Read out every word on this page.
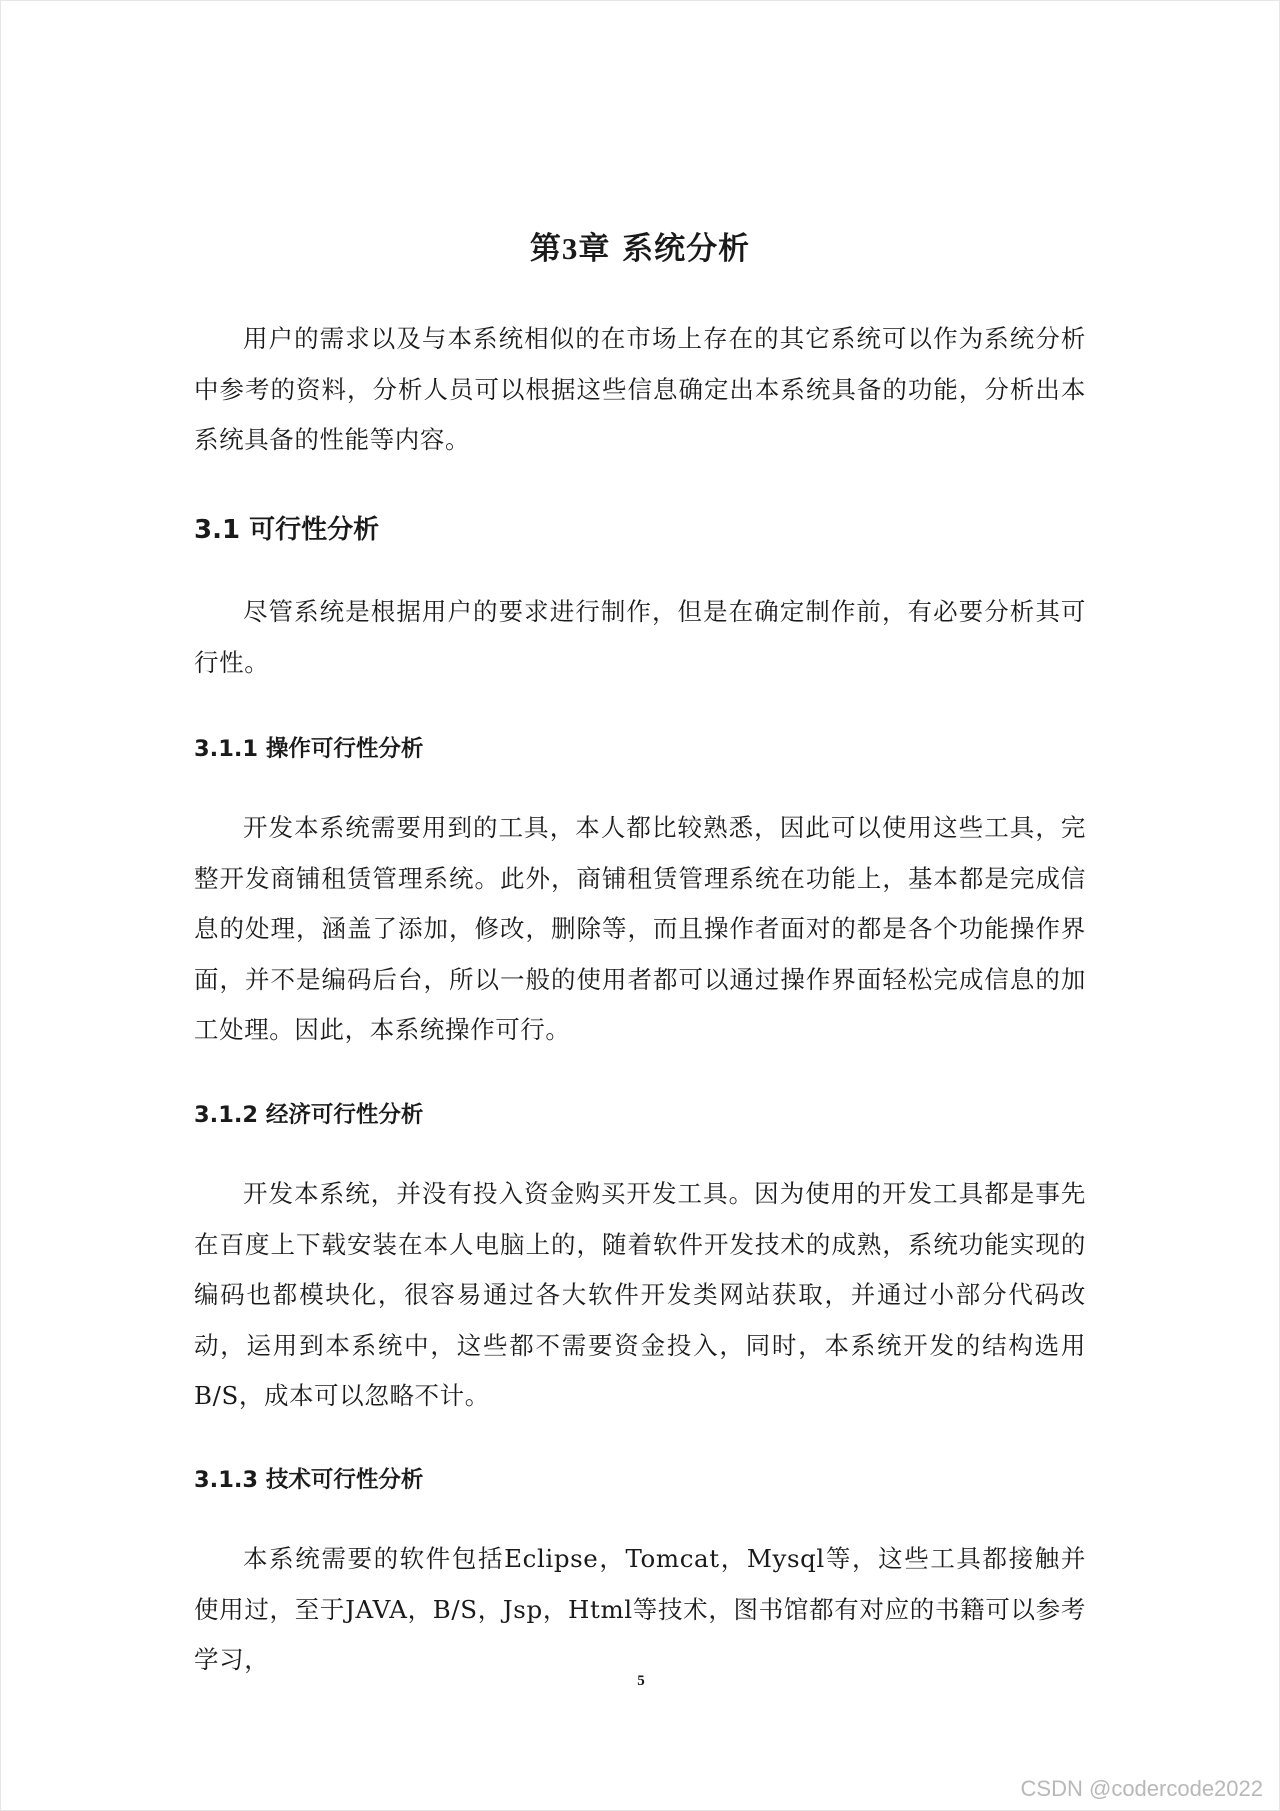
第3章 系统分析

用户的需求以及与本系统相似的在市场上存在的其它系统可以作为系统分析中参考的资料，分析人员可以根据这些信息确定出本系统具备的功能，分析出本系统具备的性能等内容。

3.1 可行性分析

尽管系统是根据用户的要求进行制作，但是在确定制作前，有必要分析其可行性。

3.1.1 操作可行性分析

开发本系统需要用到的工具，本人都比较熟悉，因此可以使用这些工具，完整开发商铺租赁管理系统。此外，商铺租赁管理系统在功能上，基本都是完成信息的处理，涵盖了添加，修改，删除等，而且操作者面对的都是各个功能操作界面，并不是编码后台，所以一般的使用者都可以通过操作界面轻松完成信息的加工处理。因此，本系统操作可行。

3.1.2 经济可行性分析

开发本系统，并没有投入资金购买开发工具。因为使用的开发工具都是事先在百度上下载安装在本人电脑上的，随着软件开发技术的成熟，系统功能实现的编码也都模块化，很容易通过各大软件开发类网站获取，并通过小部分代码改动，运用到本系统中，这些都不需要资金投入，同时，本系统开发的结构选用B/S，成本可以忽略不计。

3.1.3 技术可行性分析

本系统需要的软件包括Eclipse，Tomcat，Mysql等，这些工具都接触并使用过，至于JAVA，B/S，Jsp，Html等技术，图书馆都有对应的书籍可以参考学习，

5
CSDN @codercode2022
